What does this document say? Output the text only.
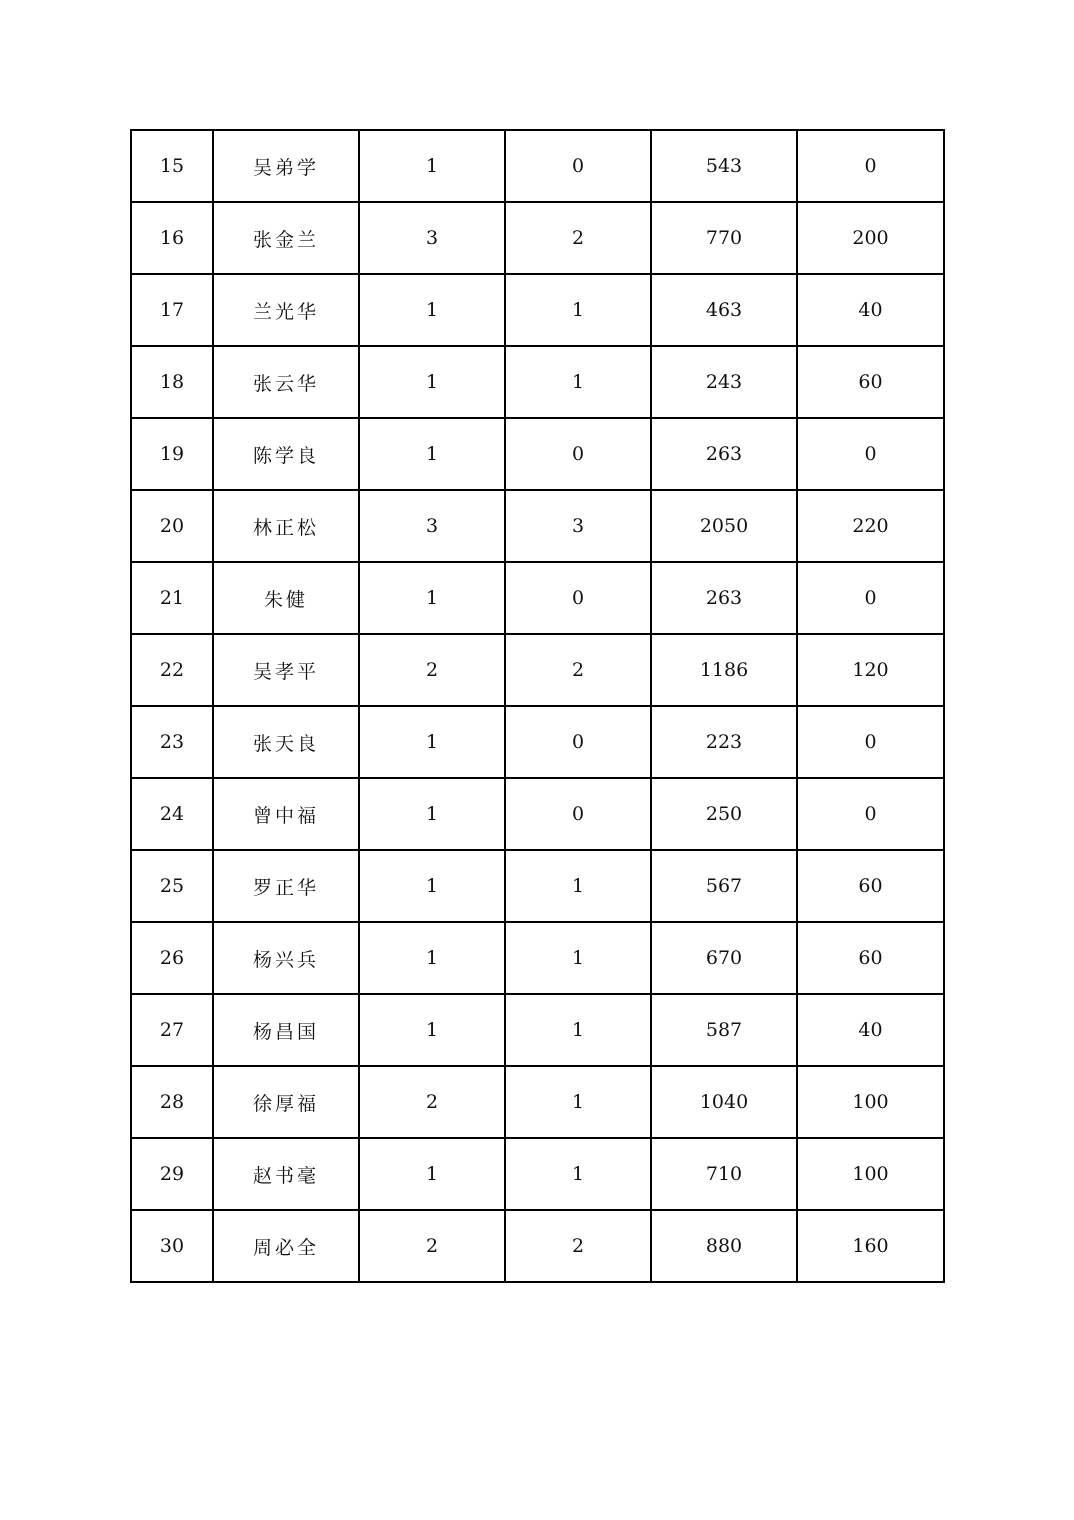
15	吴弟学	1	0	543	0
16	张金兰	3	2	770	200
17	兰光华	1	1	463	40
18	张云华	1	1	243	60
19	陈学良	1	0	263	0
20	林正松	3	3	2050	220
21	朱健	1	0	263	0
22	吴孝平	2	2	1186	120
23	张天良	1	0	223	0
24	曾中福	1	0	250	0
25	罗正华	1	1	567	60
26	杨兴兵	1	1	670	60
27	杨昌国	1	1	587	40
28	徐厚福	2	1	1040	100
29	赵书毫	1	1	710	100
30	周必全	2	2	880	160
